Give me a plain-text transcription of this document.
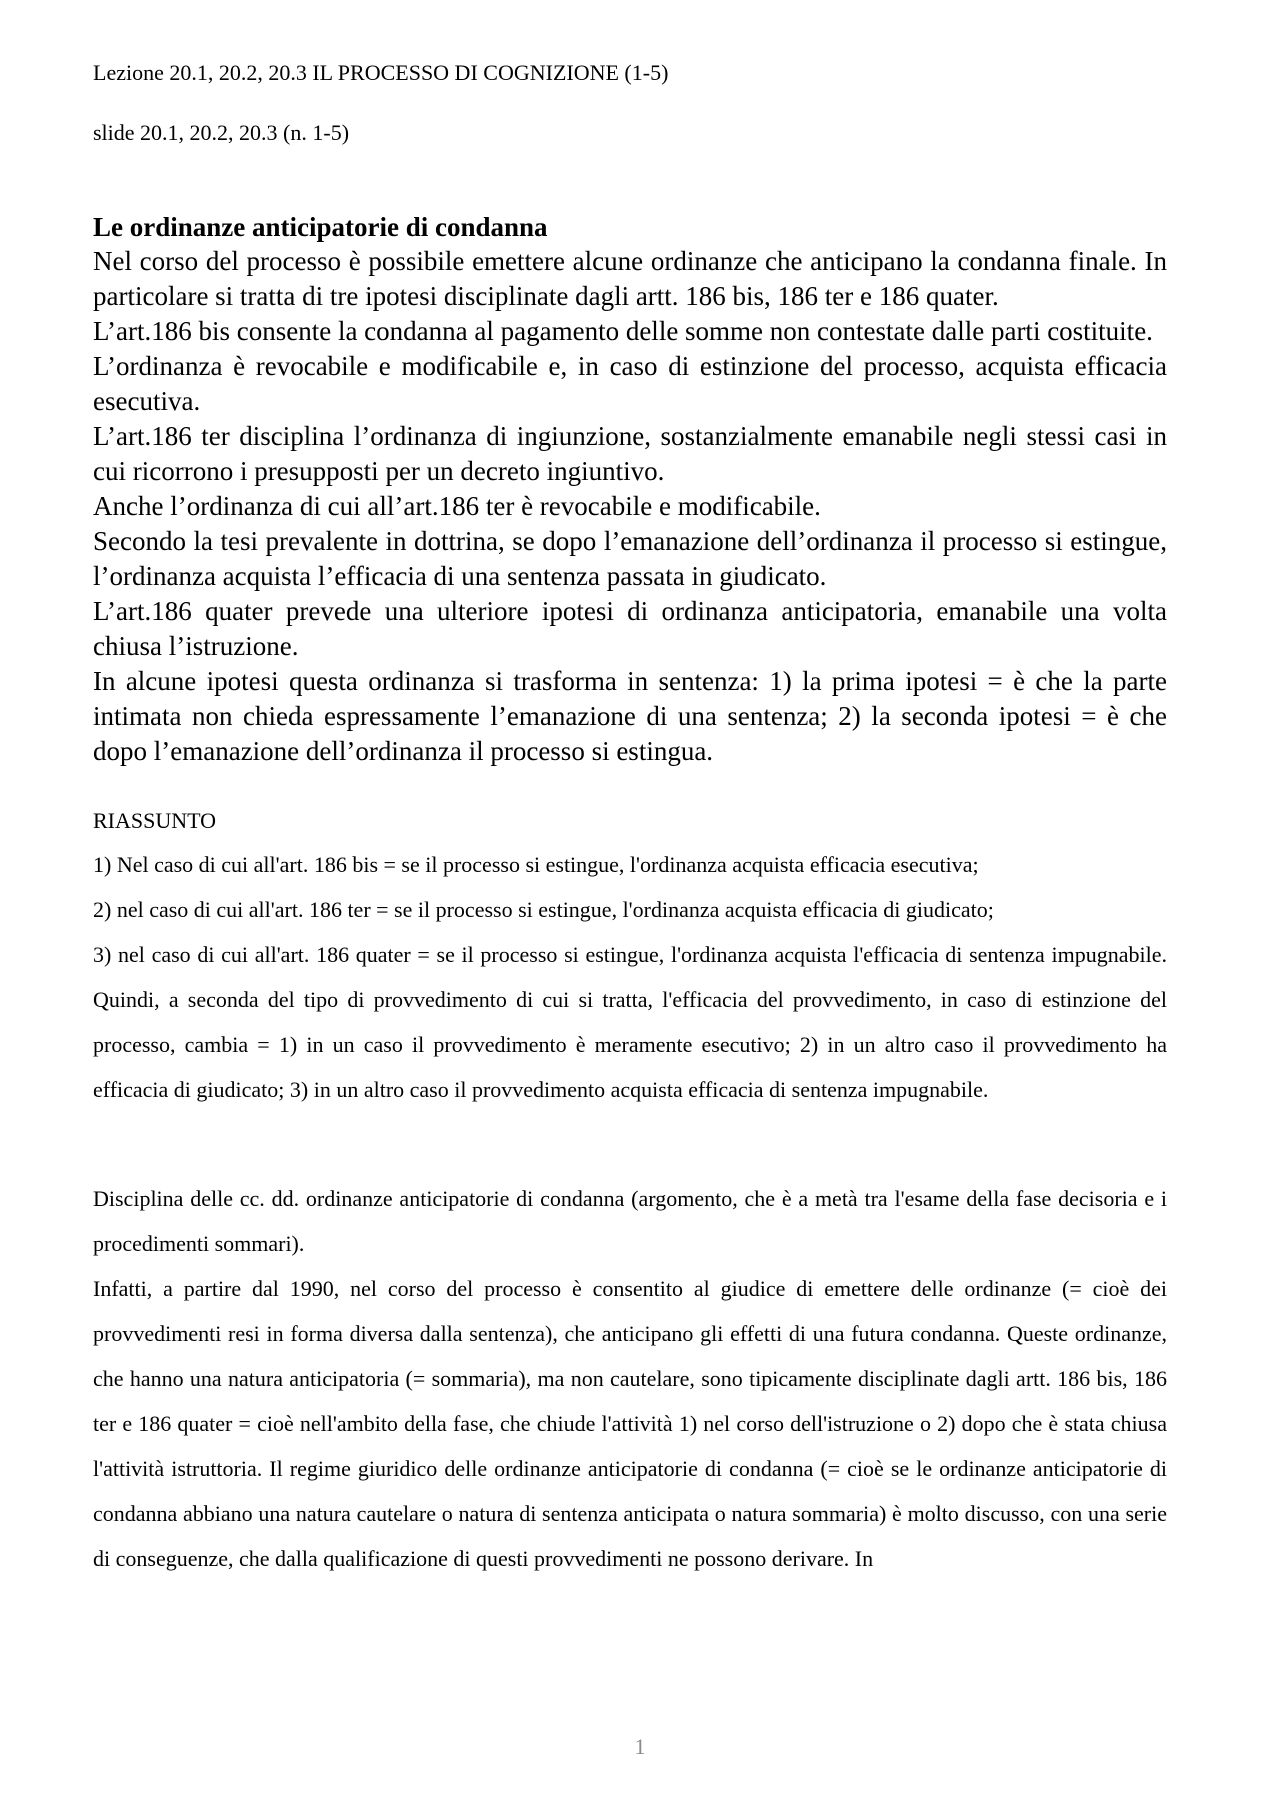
Lezione 20.1, 20.2, 20.3 IL PROCESSO DI COGNIZIONE (1-5)

slide 20.1, 20.2, 20.3 (n. 1-5)

Le ordinanze anticipatorie di condanna

Nel corso del processo è possibile emettere alcune ordinanze che anticipano la condanna finale. In particolare si tratta di tre ipotesi disciplinate dagli artt. 186 bis, 186 ter e 186 quater.

L’art.186 bis consente la condanna al pagamento delle somme non contestate dalle parti costituite.

L’ordinanza è revocabile e modificabile e, in caso di estinzione del processo, acquista efficacia esecutiva.

L’art.186 ter disciplina l’ordinanza di ingiunzione, sostanzialmente emanabile negli stessi casi in cui ricorrono i presupposti per un decreto ingiuntivo.

Anche l’ordinanza di cui all’art.186 ter è revocabile e modificabile.

Secondo la tesi prevalente in dottrina, se dopo l’emanazione dell’ordinanza il processo si estingue, l’ordinanza acquista l’efficacia di una sentenza passata in giudicato.

L’art.186 quater prevede una ulteriore ipotesi di ordinanza anticipatoria, emanabile una volta chiusa l’istruzione.

In alcune ipotesi questa ordinanza si trasforma in sentenza: 1) la prima ipotesi = è che la parte intimata non chieda espressamente l’emanazione di una sentenza; 2) la seconda ipotesi = è che dopo l’emanazione dell’ordinanza il processo si estingua.

RIASSUNTO

1) Nel caso di cui all'art. 186 bis = se il processo si estingue, l'ordinanza acquista efficacia esecutiva;

2) nel caso di cui all'art. 186 ter = se il processo si estingue, l'ordinanza acquista efficacia di giudicato;

3) nel caso di cui all'art. 186 quater = se il processo si estingue, l'ordinanza acquista l'efficacia di sentenza impugnabile. Quindi, a seconda del tipo di provvedimento di cui si tratta, l'efficacia del provvedimento, in caso di estinzione del processo, cambia = 1) in un caso il provvedimento è meramente esecutivo; 2) in un altro caso il provvedimento ha efficacia di giudicato; 3) in un altro caso il provvedimento acquista efficacia di sentenza impugnabile.

Disciplina delle cc. dd. ordinanze anticipatorie di condanna (argomento, che è a metà tra l'esame della fase decisoria e i procedimenti sommari).

Infatti, a partire dal 1990, nel corso del processo è consentito al giudice di emettere delle ordinanze (= cioè dei provvedimenti resi in forma diversa dalla sentenza), che anticipano gli effetti di una futura condanna. Queste ordinanze, che hanno una natura anticipatoria (= sommaria), ma non cautelare, sono tipicamente disciplinate dagli artt. 186 bis, 186 ter e 186 quater = cioè nell'ambito della fase, che chiude l'attività 1) nel corso dell'istruzione o 2) dopo che è stata chiusa l'attività istruttoria. Il regime giuridico delle ordinanze anticipatorie di condanna (= cioè se le ordinanze anticipatorie di condanna abbiano una natura cautelare o natura di sentenza anticipata o natura sommaria) è molto discusso, con una serie di conseguenze, che dalla qualificazione di questi provvedimenti ne possono derivare. In

1
